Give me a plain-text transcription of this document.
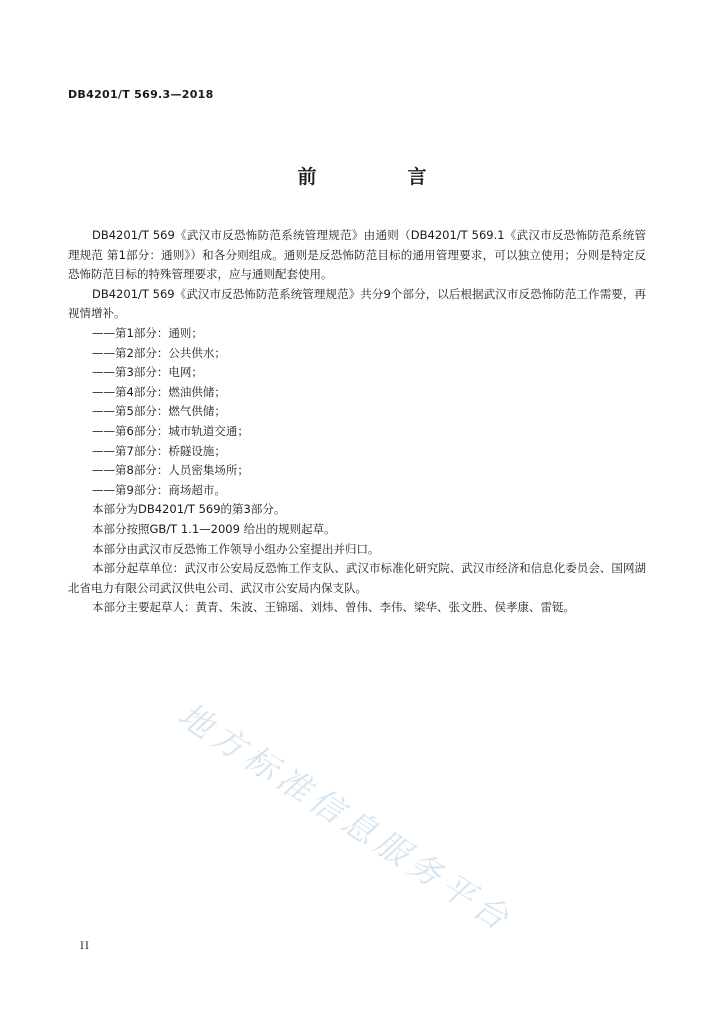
DB4201/T 569.3—2018
前　言

DB4201/T 569《武汉市反恐怖防范系统管理规范》由通则（DB4201/T 569.1《武汉市反恐怖防范系统管理规范 第1部分：通则》）和各分则组成。通则是反恐怖防范目标的通用管理要求，可以独立使用；分则是特定反恐怖防范目标的特殊管理要求，应与通则配套使用。

DB4201/T 569《武汉市反恐怖防范系统管理规范》共分9个部分，以后根据武汉市反恐怖防范工作需要，再视情增补。

——第1部分：通则；

——第2部分：公共供水；

——第3部分：电网；

——第4部分：燃油供储；

——第5部分：燃气供储；

——第6部分：城市轨道交通；

——第7部分：桥隧设施；

——第8部分：人员密集场所；

——第9部分：商场超市。

本部分为DB4201/T 569的第3部分。

本部分按照GB/T 1.1—2009 给出的规则起草。

本部分由武汉市反恐怖工作领导小组办公室提出并归口。

本部分起草单位：武汉市公安局反恐怖工作支队、武汉市标准化研究院、武汉市经济和信息化委员会、国网湖北省电力有限公司武汉供电公司、武汉市公安局内保支队。

本部分主要起草人：黄青、朱波、王锦瑶、刘炜、曾伟、李伟、梁华、张文胜、侯孝康、雷铤。

地方标准信息服务平台
II
